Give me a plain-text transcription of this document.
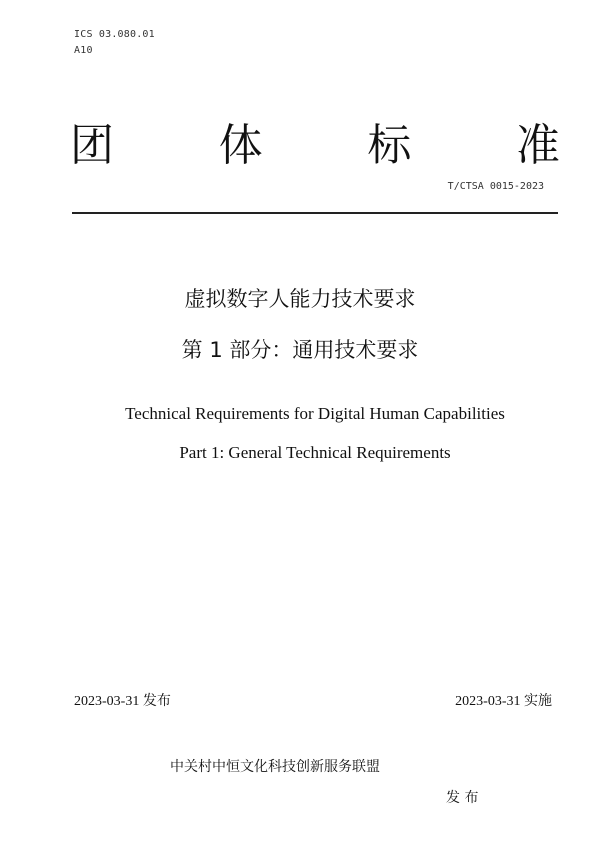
ICS 03.080.01
A10
团 体 标 准
T/CTSA 0015-2023
虚拟数字人能力技术要求
第 1 部分：通用技术要求
Technical Requirements for Digital Human Capabilities
Part 1: General Technical Requirements
2023-03-31 发布	2023-03-31 实施
中关村中恒文化科技创新服务联盟
发 布
